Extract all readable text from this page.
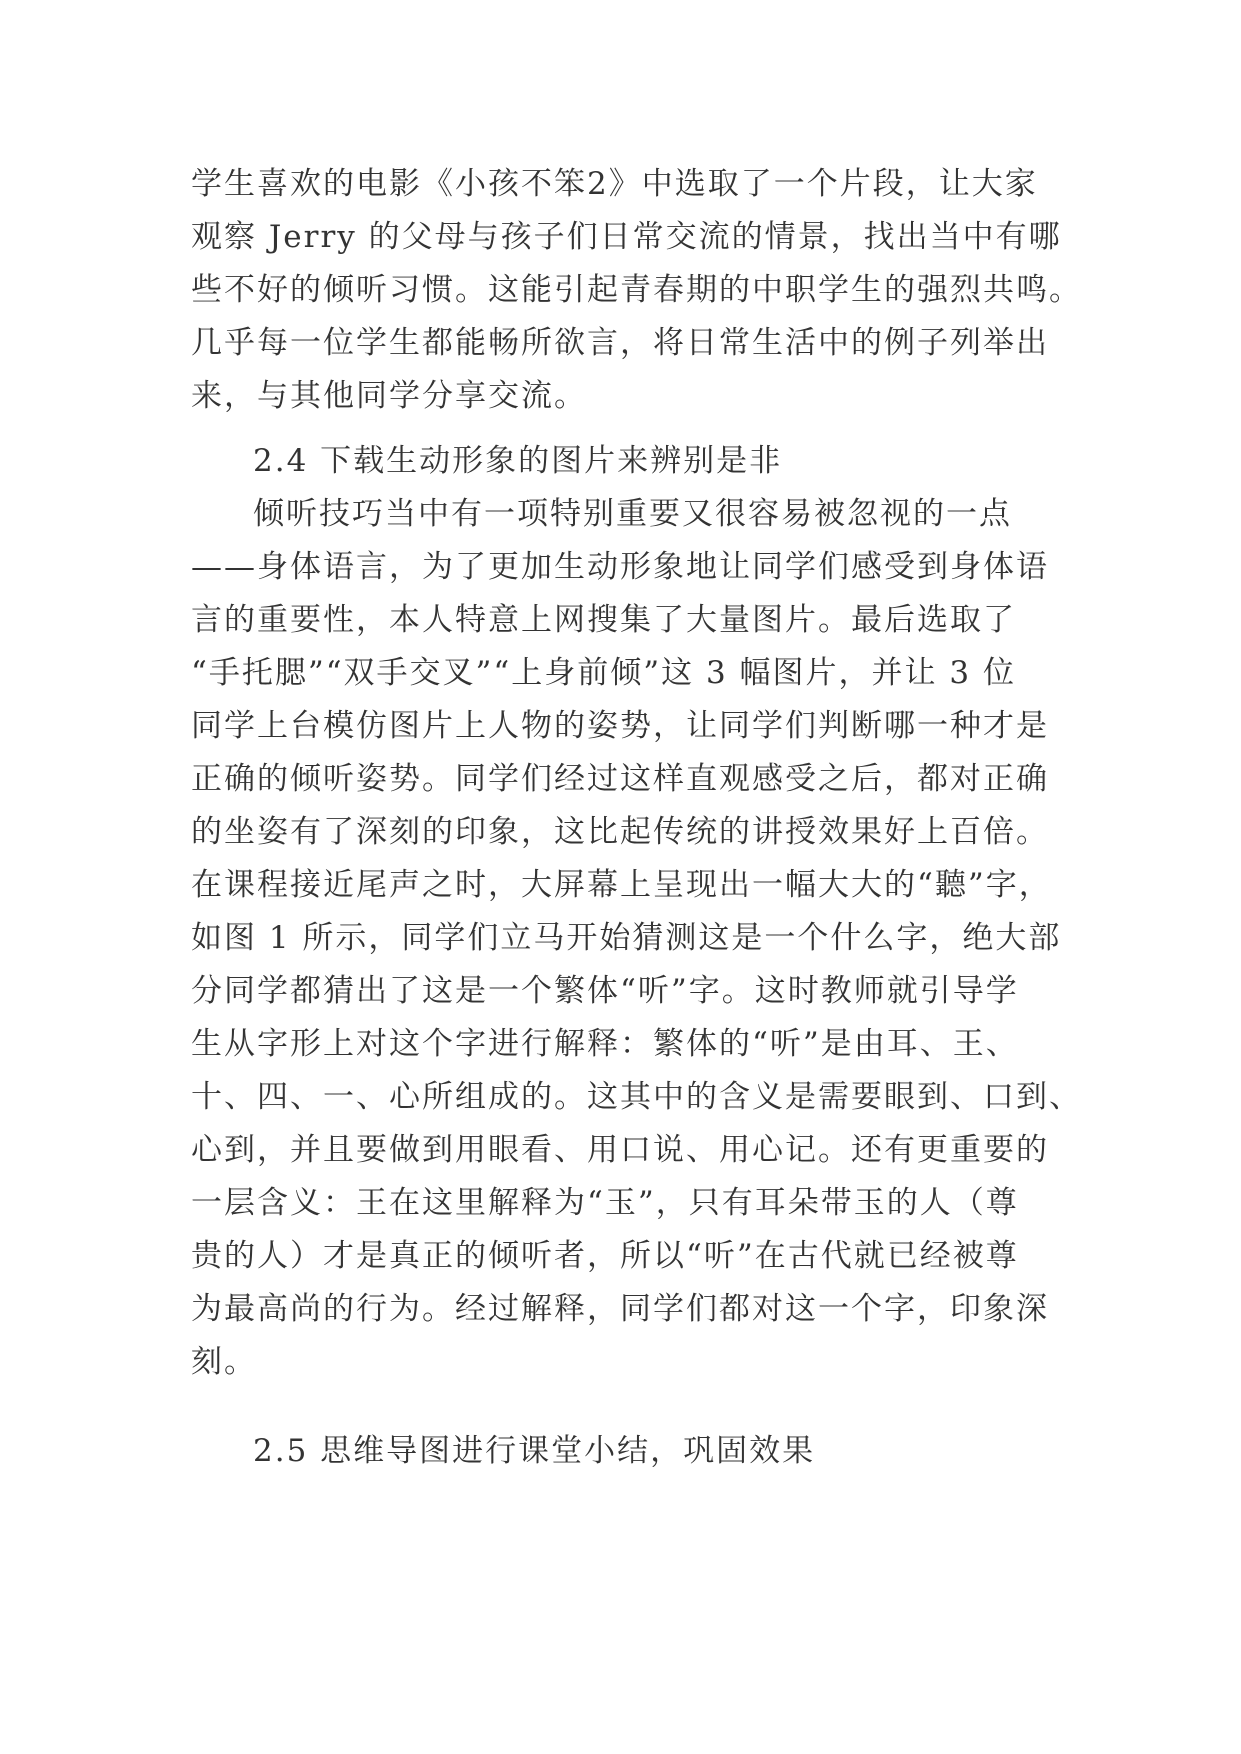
学生喜欢的电影《小孩不笨2》中选取了一个片段，让大家
观察 Jerry 的父母与孩子们日常交流的情景，找出当中有哪
些不好的倾听习惯。这能引起青春期的中职学生的强烈共鸣。
几乎每一位学生都能畅所欲言，将日常生活中的例子列举出
来，与其他同学分享交流。
2.4 下载生动形象的图片来辨别是非
倾听技巧当中有一项特别重要又很容易被忽视的一点
——身体语言，为了更加生动形象地让同学们感受到身体语
言的重要性，本人特意上网搜集了大量图片。最后选取了
“手托腮”“双手交叉”“上身前倾”这 3 幅图片，并让 3 位
同学上台模仿图片上人物的姿势，让同学们判断哪一种才是
正确的倾听姿势。同学们经过这样直观感受之后，都对正确
的坐姿有了深刻的印象，这比起传统的讲授效果好上百倍。
在课程接近尾声之时，大屏幕上呈现出一幅大大的“聽”字，
如图 1 所示，同学们立马开始猜测这是一个什么字，绝大部
分同学都猜出了这是一个繁体“听”字。这时教师就引导学
生从字形上对这个字进行解释：繁体的“听”是由耳、王、
十、四、一、心所组成的。这其中的含义是需要眼到、口到、
心到，并且要做到用眼看、用口说、用心记。还有更重要的
一层含义：王在这里解释为“玉”，只有耳朵带玉的人（尊
贵的人）才是真正的倾听者，所以“听”在古代就已经被尊
为最高尚的行为。经过解释，同学们都对这一个字，印象深
刻。
2.5 思维导图进行课堂小结，巩固效果
